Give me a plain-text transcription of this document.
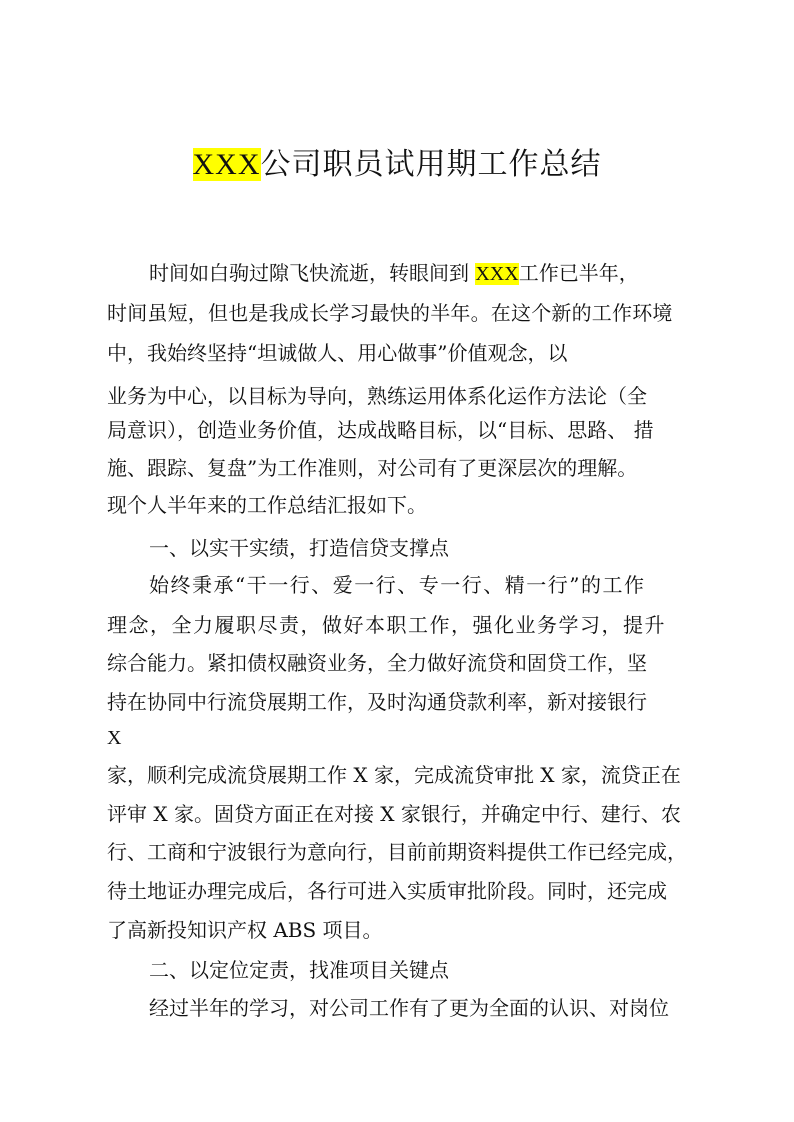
XXX公司职员试用期工作总结
时间如白驹过隙飞快流逝，转眼间到 XXX工作已半年，
时间虽短，但也是我成长学习最快的半年。在这个新的工作环境
中，我始终坚持“坦诚做人、用心做事”价值观念，以
业务为中心，以目标为导向，熟练运用体系化运作方法论（全
局意识），创造业务价值，达成战略目标，以“目标、思路、 措
施、跟踪、复盘”为工作准则，对公司有了更深层次的理解。
现个人半年来的工作总结汇报如下。
一、以实干实绩，打造信贷支撑点
始终秉承“干一行、爱一行、专一行、精一行”的工作
理念，全力履职尽责，做好本职工作，强化业务学习，提升
综合能力。紧扣债权融资业务，全力做好流贷和固贷工作，坚
持在协同中行流贷展期工作，及时沟通贷款利率，新对接银行
X
家，顺利完成流贷展期工作 X 家，完成流贷审批 X 家，流贷正在
评审 X 家。固贷方面正在对接 X 家银行，并确定中行、建行、农
行、工商和宁波银行为意向行，目前前期资料提供工作已经完成，
待土地证办理完成后，各行可进入实质审批阶段。同时，还完成
了高新投知识产权 ABS 项目。
二、以定位定责，找准项目关键点
经过半年的学习，对公司工作有了更为全面的认识、对岗位
